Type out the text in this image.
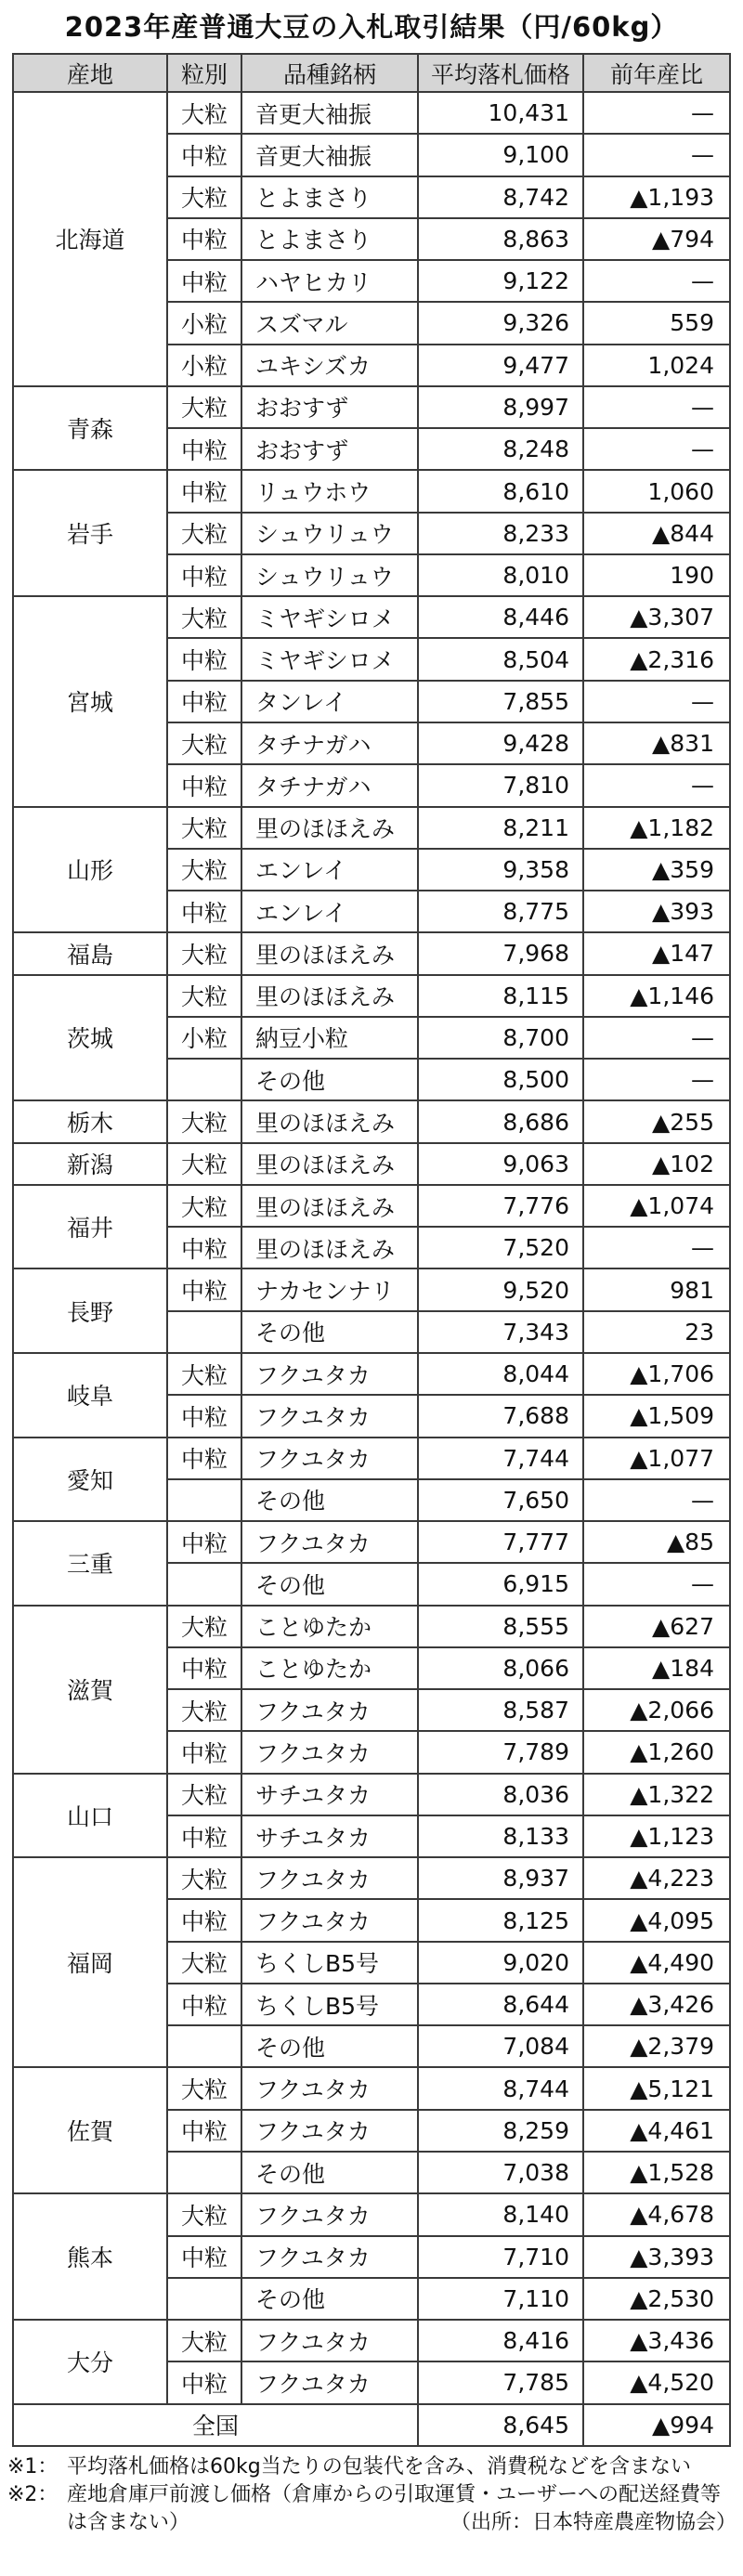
2023年産普通大豆の入札取引結果（円/60kg）
産地	粒別	品種銘柄	平均落札価格	前年産比
北海道	大粒	音更大袖振	10,431	—
	中粒	音更大袖振	9,100	—
	大粒	とよまさり	8,742	▲1,193
	中粒	とよまさり	8,863	▲794
	中粒	ハヤヒカリ	9,122	—
	小粒	スズマル	9,326	559
	小粒	ユキシズカ	9,477	1,024
青森	大粒	おおすず	8,997	—
	中粒	おおすず	8,248	—
岩手	中粒	リュウホウ	8,610	1,060
	大粒	シュウリュウ	8,233	▲844
	中粒	シュウリュウ	8,010	190
宮城	大粒	ミヤギシロメ	8,446	▲3,307
	中粒	ミヤギシロメ	8,504	▲2,316
	中粒	タンレイ	7,855	—
	大粒	タチナガハ	9,428	▲831
	中粒	タチナガハ	7,810	—
山形	大粒	里のほほえみ	8,211	▲1,182
	大粒	エンレイ	9,358	▲359
	中粒	エンレイ	8,775	▲393
福島	大粒	里のほほえみ	7,968	▲147
茨城	大粒	里のほほえみ	8,115	▲1,146
	小粒	納豆小粒	8,700	—
		その他	8,500	—
栃木	大粒	里のほほえみ	8,686	▲255
新潟	大粒	里のほほえみ	9,063	▲102
福井	大粒	里のほほえみ	7,776	▲1,074
	中粒	里のほほえみ	7,520	—
長野	中粒	ナカセンナリ	9,520	981
		その他	7,343	23
岐阜	大粒	フクユタカ	8,044	▲1,706
	中粒	フクユタカ	7,688	▲1,509
愛知	中粒	フクユタカ	7,744	▲1,077
		その他	7,650	—
三重	中粒	フクユタカ	7,777	▲85
		その他	6,915	—
滋賀	大粒	ことゆたか	8,555	▲627
	中粒	ことゆたか	8,066	▲184
	大粒	フクユタカ	8,587	▲2,066
	中粒	フクユタカ	7,789	▲1,260
山口	大粒	サチユタカ	8,036	▲1,322
	中粒	サチユタカ	8,133	▲1,123
福岡	大粒	フクユタカ	8,937	▲4,223
	中粒	フクユタカ	8,125	▲4,095
	大粒	ちくしB5号	9,020	▲4,490
	中粒	ちくしB5号	8,644	▲3,426
		その他	7,084	▲2,379
佐賀	大粒	フクユタカ	8,744	▲5,121
	中粒	フクユタカ	8,259	▲4,461
		その他	7,038	▲1,528
熊本	大粒	フクユタカ	8,140	▲4,678
	中粒	フクユタカ	7,710	▲3,393
		その他	7,110	▲2,530
大分	大粒	フクユタカ	8,416	▲3,436
	中粒	フクユタカ	7,785	▲4,520
全国			8,645	▲994
※1： 平均落札価格は60kg当たりの包装代を含み、消費税などを含まない
※2： 産地倉庫戸前渡し価格（倉庫からの引取運賃・ユーザーへの配送経費等は含まない）	（出所：日本特産農産物協会）
